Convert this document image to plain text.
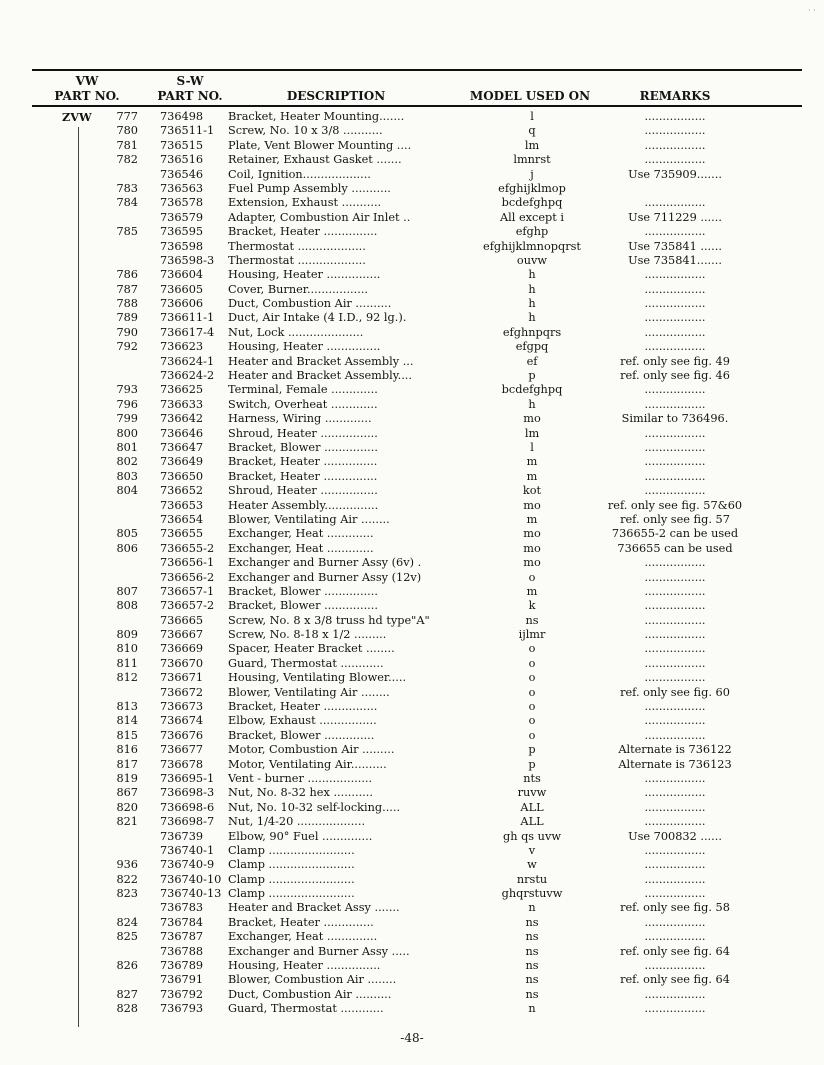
· ·
VW
PART NO.
S-W
PART NO.	DESCRIPTION	MODEL USED ON	REMARKS
ZVW	777 736498 Bracket, Heater Mounting.......	l	.................
780 736511-1 Screw, No. 10 x 3/8 ...........	q	.................
781 736515 Plate, Vent Blower Mounting ....	lm	.................
782 736516 Retainer, Exhaust Gasket .......	lmnrst	.................
736546 Coil, Ignition...................	j	Use 735909.......
783 736563 Fuel Pump Assembly ...........	efghijklmop
784 736578 Extension, Exhaust ...........	bcdefghpq	.................
736579 Adapter, Combustion Air Inlet ..	All except i	Use 711229 ......
785 736595 Bracket, Heater ...............	efghp	.................
736598 Thermostat ...................	efghijklmnopqrst	Use 735841 ......
736598-3 Thermostat ...................	ouvw	Use 735841.......
786 736604 Housing, Heater ...............	h	.................
787 736605 Cover, Burner.................	h	.................
788 736606 Duct, Combustion Air ..........	h	.................
789 736611-1 Duct, Air Intake (4 I.D., 92 lg.).	h	.................
790 736617-4 Nut, Lock .....................	efghnpqrs	.................
792 736623 Housing, Heater ...............	efgpq	.................
736624-1 Heater and Bracket Assembly ...	ef	ref. only see fig. 49
736624-2 Heater and Bracket Assembly....	p	ref. only see fig. 46
793 736625 Terminal, Female .............	bcdefghpq	.................
796 736633 Switch, Overheat .............	h	.................
799 736642 Harness, Wiring .............	mo	Similar to 736496.
800 736646 Shroud, Heater ................	lm	.................
801 736647 Bracket, Blower ...............	l	.................
802 736649 Bracket, Heater ...............	m	.................
803 736650 Bracket, Heater ...............	m	.................
804 736652 Shroud, Heater ................	kot	.................
736653 Heater Assembly...............	mo	ref. only see fig. 57&60
736654 Blower, Ventilating Air ........	m	ref. only see fig. 57
805 736655 Exchanger, Heat .............	mo	736655-2 can be used
806 736655-2 Exchanger, Heat .............	mo	736655 can be used
736656-1 Exchanger and Burner Assy (6v) .	mo	.................
736656-2 Exchanger and Burner Assy (12v)	o	.................
807 736657-1 Bracket, Blower ...............	m	.................
808 736657-2 Bracket, Blower ...............	k	.................
736665 Screw, No. 8 x 3/8 truss hd type"A"	ns	.................
809 736667 Screw, No. 8-18 x 1/2 .........	ijlmr	.................
810 736669 Spacer, Heater Bracket ........	o	.................
811 736670 Guard, Thermostat ............	o	.................
812 736671 Housing, Ventilating Blower.....	o	.................
736672 Blower, Ventilating Air ........	o	ref. only see fig. 60
813 736673 Bracket, Heater ...............	o	.................
814 736674 Elbow, Exhaust ................	o	.................
815 736676 Bracket, Blower ..............	o	.................
816 736677 Motor, Combustion Air .........	p	Alternate is 736122
817 736678 Motor, Ventilating Air..........	p	Alternate is 736123
819 736695-1 Vent - burner ..................	nts	.................
867 736698-3 Nut, No. 8-32 hex ...........	ruvw	.................
820 736698-6 Nut, No. 10-32 self-locking.....	ALL	.................
821 736698-7 Nut, 1/4-20 ...................	ALL	.................
736739 Elbow, 90° Fuel ..............	gh qs uvw	Use 700832 ......
736740-1 Clamp ........................	v	.................
936 736740-9 Clamp ........................	w	.................
822 736740-10 Clamp ........................	nrstu	.................
823 736740-13 Clamp ........................	ghqrstuvw	.................
736783 Heater and Bracket Assy .......	n	ref. only see fig. 58
824 736784 Bracket, Heater ..............	ns	.................
825 736787 Exchanger, Heat ..............	ns	.................
736788 Exchanger and Burner Assy .....	ns	ref. only see fig. 64
826 736789 Housing, Heater ...............	ns	.................
736791 Blower, Combustion Air ........	ns	ref. only see fig. 64
827 736792 Duct, Combustion Air ..........	ns	.................
828 736793 Guard, Thermostat ............	n	.................
-48-
